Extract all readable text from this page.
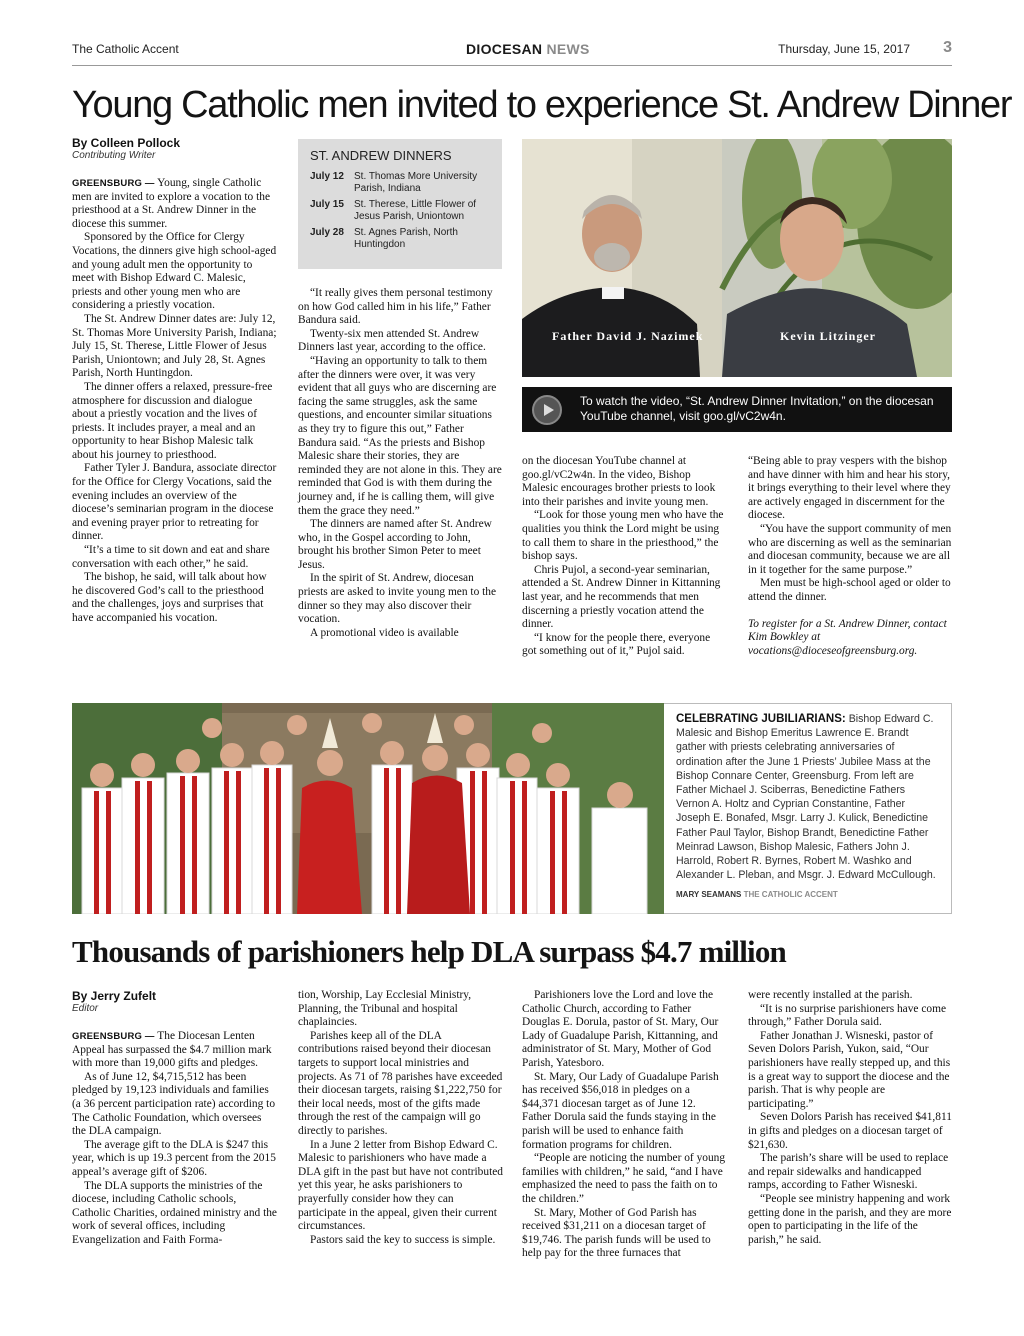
The Catholic Accent	DIOCESAN NEWS	Thursday, June 15, 2017 3
Young Catholic men invited to experience St. Andrew Dinner
By Colleen Pollock
Contributing Writer

GREENSBURG — Young, single Catholic men are invited to explore a vocation to the priesthood at a St. Andrew Dinner in the diocese this summer.

Sponsored by the Office for Clergy Vocations, the dinners give high school-aged and young adult men the opportunity to meet with Bishop Edward C. Malesic, priests and other young men who are considering a priestly vocation.

The St. Andrew Dinner dates are: July 12, St. Thomas More University Parish, Indiana; July 15, St. Therese, Little Flower of Jesus Parish, Uniontown; and July 28, St. Agnes Parish, North Huntingdon.

The dinner offers a relaxed, pressure-free atmosphere for discussion and dialogue about a priestly vocation and the lives of priests. It includes prayer, a meal and an opportunity to hear Bishop Malesic talk about his journey to priesthood.

Father Tyler J. Bandura, associate director for the Office for Clergy Vocations, said the evening includes an overview of the diocese’s seminarian program in the diocese and evening prayer prior to retreating for dinner.

“It’s a time to sit down and eat and share conversation with each other,” he said.

The bishop, he said, will talk about how he discovered God’s call to the priesthood and the challenges, joys and surprises that have accompanied his vocation.

ST. ANDREW DINNERS
July 12	St. Thomas More University Parish, Indiana
July 15	St. Therese, Little Flower of Jesus Parish, Uniontown
July 28	St. Agnes Parish, North Huntingdon

“It really gives them personal testimony on how God called him in his life,” Father Bandura said.

Twenty-six men attended St. Andrew Dinners last year, according to the office.

“Having an opportunity to talk to them after the dinners were over, it was very evident that all guys who are discerning are facing the same struggles, ask the same questions, and encounter similar situations as they try to figure this out,” Father Bandura said. “As the priests and Bishop Malesic share their stories, they are reminded they are not alone in this. They are reminded that God is with them during the journey and, if he is calling them, will give them the grace they need.”

The dinners are named after St. Andrew who, in the Gospel according to John, brought his brother Simon Peter to meet Jesus.

In the spirit of St. Andrew, diocesan priests are asked to invite young men to the dinner so they may also discover their vocation.

A promotional video is available

Father David J. Nazimek	Kevin Litzinger
To watch the video, “St. Andrew Dinner Invitation,” on the diocesan YouTube channel, visit goo.gl/vC2w4n.

on the diocesan YouTube channel at goo.gl/vC2w4n. In the video, Bishop Malesic encourages brother priests to look into their parishes and invite young men.

“Look for those young men who have the qualities you think the Lord might be using to call them to share in the priesthood,” the bishop says.

Chris Pujol, a second-year seminarian, attended a St. Andrew Dinner in Kittanning last year, and he recommends that men discerning a priestly vocation attend the dinner.

“I know for the people there, everyone got something out of it,” Pujol said.

“Being able to pray vespers with the bishop and have dinner with him and hear his story, it brings everything to their level where they are actively engaged in discernment for the diocese.

“You have the support community of men who are discerning as well as the seminarian and diocesan community, because we are all in it together for the same purpose.”

Men must be high-school aged or older to attend the dinner.

To register for a St. Andrew Dinner, contact Kim Bowkley at vocations@dioceseofgreensburg.org.

CELEBRATING JUBILIARIANS: Bishop Edward C. Malesic and Bishop Emeritus Lawrence E. Brandt gather with priests celebrating anniversaries of ordination after the June 1 Priests’ Jubilee Mass at the Bishop Connare Center, Greensburg. From left are Father Michael J. Sciberras, Benedictine Fathers Vernon A. Holtz and Cyprian Constantine, Father Joseph E. Bonafed, Msgr. Larry J. Kulick, Benedictine Father Paul Taylor, Bishop Brandt, Benedictine Father Meinrad Lawson, Bishop Malesic, Fathers John J. Harrold, Robert R. Byrnes, Robert M. Washko and Alexander L. Pleban, and Msgr. J. Edward McCullough.
MARY SEAMANS THE CATHOLIC ACCENT
Thousands of parishioners help DLA surpass $4.7 million
By Jerry Zufelt
Editor

GREENSBURG — The Diocesan Lenten Appeal has surpassed the $4.7 million mark with more than 19,000 gifts and pledges.

As of June 12, $4,715,512 has been pledged by 19,123 individuals and families (a 36 percent participation rate) according to The Catholic Foundation, which oversees the DLA campaign.

The average gift to the DLA is $247 this year, which is up 19.3 percent from the 2015 appeal’s average gift of $206.

The DLA supports the ministries of the diocese, including Catholic schools, Catholic Charities, ordained ministry and the work of several offices, including Evangelization and Faith Forma-

tion, Worship, Lay Ecclesial Ministry, Planning, the Tribunal and hospital chaplaincies.

Parishes keep all of the DLA contributions raised beyond their diocesan targets to support local ministries and projects. As 71 of 78 parishes have exceeded their diocesan targets, raising $1,222,750 for their local needs, most of the gifts made through the rest of the campaign will go directly to parishes.

In a June 2 letter from Bishop Edward C. Malesic to parishioners who have made a DLA gift in the past but have not contributed yet this year, he asks parishioners to prayerfully consider how they can participate in the appeal, given their current circumstances.

Pastors said the key to success is simple.

Parishioners love the Lord and love the Catholic Church, according to Father Douglas E. Dorula, pastor of St. Mary, Our Lady of Guadalupe Parish, Kittanning, and administrator of St. Mary, Mother of God Parish, Yatesboro.

St. Mary, Our Lady of Guadalupe Parish has received $56,018 in pledges on a $44,371 diocesan target as of June 12. Father Dorula said the funds staying in the parish will be used to enhance faith formation programs for children.

“People are noticing the number of young families with children,” he said, “and I have emphasized the need to pass the faith on to the children.”

St. Mary, Mother of God Parish has received $31,211 on a diocesan target of $19,746. The parish funds will be used to help pay for the three furnaces that

were recently installed at the parish.

“It is no surprise parishioners have come through,” Father Dorula said.

Father Jonathan J. Wisneski, pastor of Seven Dolors Parish, Yukon, said, “Our parishioners have really stepped up, and this is a great way to support the diocese and the parish. That is why people are participating.”

Seven Dolors Parish has received $41,811 in gifts and pledges on a diocesan target of $21,630.

The parish’s share will be used to replace and repair sidewalks and handicapped ramps, according to Father Wisneski.

“People see ministry happening and work getting done in the parish, and they are more open to participating in the life of the parish,” he said.
